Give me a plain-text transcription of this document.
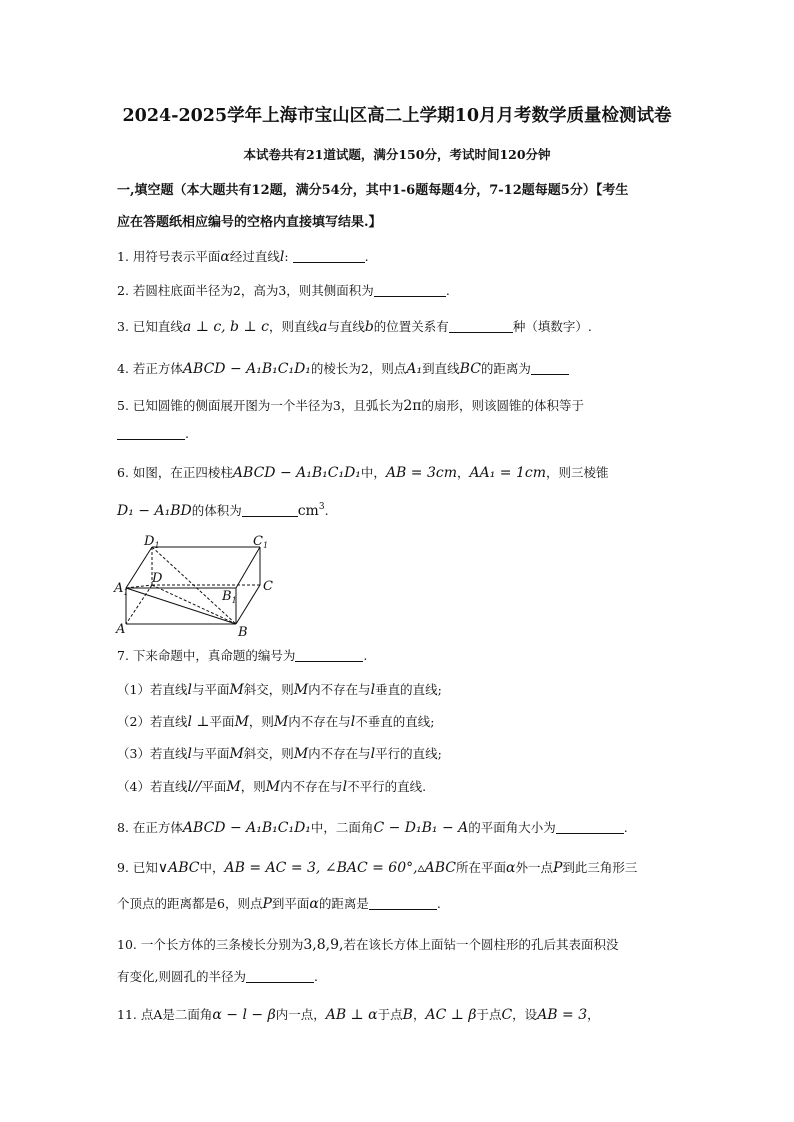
2024-2025学年上海市宝山区高二上学期10月月考数学质量检测试卷
本试卷共有21道试题，满分150分，考试时间120分钟
一,填空题（本大题共有12题，满分54分，其中1-6题每题4分，7-12题每题5分）【考生
应在答题纸相应编号的空格内直接填写结果.】
1. 用符号表示平面α经过直线l:	.
2. 若圆柱底面半径为2，高为3，则其侧面积为	.
3. 已知直线a ⊥ c, b ⊥ c，则直线a与直线b的位置关系有	种（填数字）.
4. 若正方体ABCD − A₁B₁C₁D₁的棱长为2，则点A₁到直线BC的距离为
5. 已知圆锥的侧面展开图为一个半径为3，且弧长为2π的扇形，则该圆锥的体积等于
.
6. 如图，在正四棱柱ABCD − A₁B₁C₁D₁中，AB = 3cm，AA₁ = 1cm，则三棱锥
D₁ − A₁BD的体积为	$cm^3$.
$D_1$	$C_1$
$A_1$
D
C
$B_1$
A	B
7. 下来命题中，真命题的编号为	.
（1）若直线l与平面M斜交，则M内不存在与l垂直的直线;
（2）若直线l ⊥平面M，则M内不存在与l不垂直的直线;
（3）若直线l与平面M斜交，则M内不存在与l平行的直线;
（4）若直线l//平面M，则M内不存在与l不平行的直线.
8. 在正方体ABCD − A₁B₁C₁D₁中，二面角C − D₁B₁ − A的平面角大小为	.
9. 已知∨ABC中，AB = AC = 3, ∠BAC = 60°,▵ABC所在平面α外一点P到此三角形三
个顶点的距离都是6，则点P到平面α的距离是	.
10. 一个长方体的三条棱长分别为3,8,9,若在该长方体上面钻一个圆柱形的孔后其表面积没
有变化,则圆孔的半径为	.
11. 点A是二面角α − l − β内一点，AB ⊥ α于点B，AC ⊥ β于点C，设AB = 3，
